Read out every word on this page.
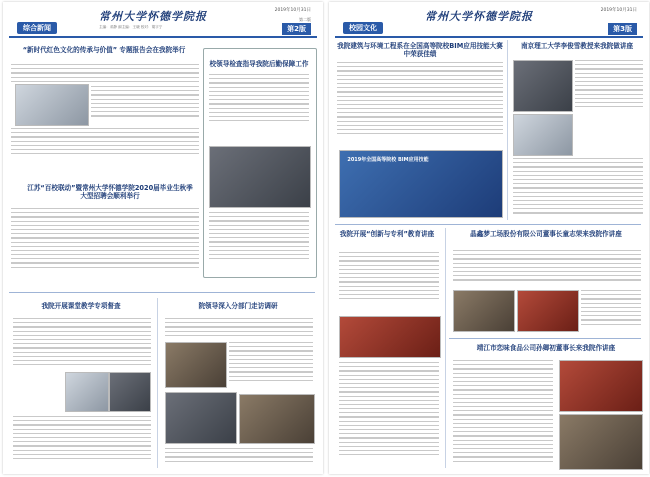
综合新闻
常州大学怀德学院报
主编：邓静 副主编：王晓 校对：胡宇宁
2019年10月31日
第二版
第2版
“新时代红色文化的传承与价值” 专题报告会在我院举行
校领导检查指导我院后勤保障工作
江苏“百校联动”暨常州大学怀德学院2020届毕业生秋季大型招聘会顺利举行
我院开展课堂教学专项督查	院领导深入分部门走访调研
校园文化
常州大学怀德学院报	2019年10月31日
第3版
我院建筑与环境工程系在全国高等院校BIM应用技能大赛中荣获佳绩
2019年全国高等院校 BIM应用技能
南京理工大学李俊雪教授来我院做讲座
我院开展“创新与专利”教育讲座	晶鑫梦工场股份有限公司董事长童志荣来我院作讲座
靖江市恋味食品公司孙卿初董事长来我院作讲座
